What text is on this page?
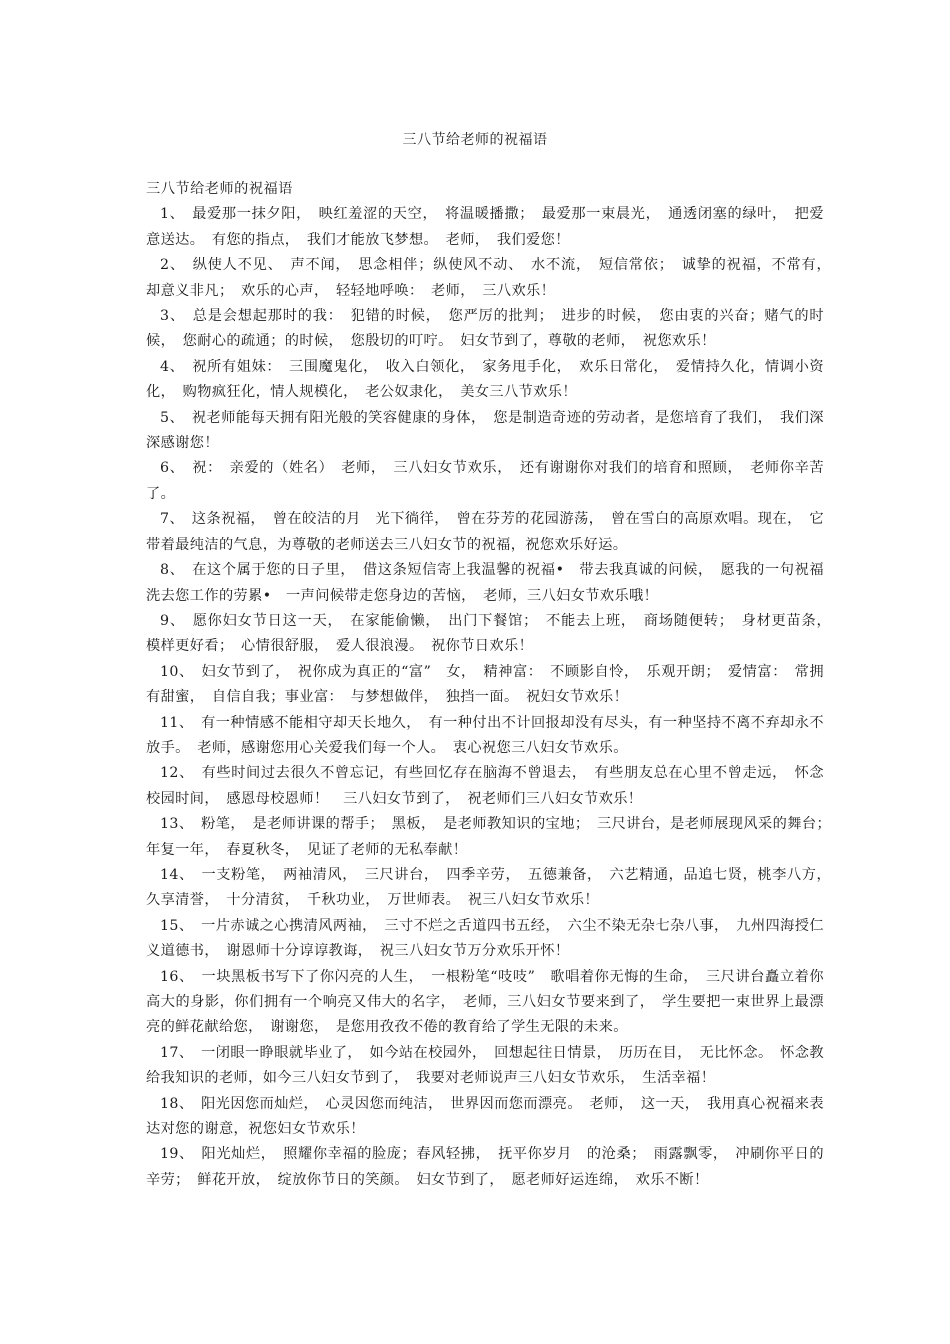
三八节给老师的祝福语

三八节给老师的祝福语

1、　最爱那一抹夕阳，　映红羞涩的天空，　将温暖播撒；　最爱那一束晨光，　通透闭塞的绿叶，　把爱意送达。　有您的指点，　我们才能放飞梦想。　老师，　我们爱您！

2、　纵使人不见、　声不闻，　思念相伴；纵使风不动、　水不流，　短信常依；　诚挚的祝福，不常有，　却意义非凡；　欢乐的心声，　轻轻地呼唤：　老师，　三八欢乐！

3、　总是会想起那时的我：　犯错的时候，　您严厉的批判；　进步的时候，　您由衷的兴奋；赌气的时候，　您耐心的疏通；的时候，　您殷切的叮咛。　妇女节到了，尊敬的老师，　祝您欢乐！

4、　祝所有姐妹：　三围魔鬼化，　收入白领化，　家务甩手化，　欢乐日常化，　爱情持久化，情调小资化，　购物疯狂化，情人规模化，　老公奴隶化，　美女三八节欢乐！

5、　祝老师能每天拥有阳光般的笑容健康的身体，　您是制造奇迹的劳动者，是您培育了我们，　我们深深感谢您！

6、　祝：　亲爱的（姓名）　老师，　三八妇女节欢乐，　还有谢谢你对我们的培育和照顾，　老师你辛苦了。

7、　这条祝福，　曾在皎洁的月　光下徜徉，　曾在芬芳的花园游荡，　曾在雪白的高原欢唱。现在，　它带着最纯洁的气息，为尊敬的老师送去三八妇女节的祝福，祝您欢乐好运。

8、　在这个属于您的日子里，　借这条短信寄上我温馨的祝福•　带去我真诚的问候，　愿我的一句祝福洗去您工作的劳累•　一声问候带走您身边的苦恼，　老师，三八妇女节欢乐哦！

9、　愿你妇女节日这一天，　在家能偷懒，　出门下餐馆；　不能去上班，　商场随便转；　身材更苗条，　模样更好看；　心情很舒服，　爱人很浪漫。　祝你节日欢乐！

10、　妇女节到了，　祝你成为真正的“富”　女，　精神富：　不顾影自怜，　乐观开朗；　爱情富：　常拥有甜蜜，　自信自我；事业富：　与梦想做伴，　独挡一面。　祝妇女节欢乐！

11、　有一种情感不能相守却天长地久，　有一种付出不计回报却没有尽头，有一种坚持不离不弃却永不放手。　老师，感谢您用心关爱我们每一个人。　衷心祝您三八妇女节欢乐。

12、　有些时间过去很久不曾忘记，有些回忆存在脑海不曾退去，　有些朋友总在心里不曾走远，　怀念校园时间，　感恩母校恩师！　三八妇女节到了，　祝老师们三八妇女节欢乐！

13、　粉笔，　是老师讲课的帮手；　黑板，　是老师教知识的宝地；　三尺讲台，是老师展现风采的舞台；　年复一年，　春夏秋冬，　见证了老师的无私奉献！

14、　一支粉笔，　两袖清风，　三尺讲台，　四季辛劳，　五德兼备，　六艺精通，品追七贤，桃李八方，　久享清誉，　十分清贫，　千秋功业，　万世师表。　祝三八妇女节欢乐！

15、　一片赤诚之心携清风两袖，　三寸不烂之舌道四书五经，　六尘不染无杂七杂八事，　九州四海授仁义道德书，　谢恩师十分谆谆教诲，　祝三八妇女节万分欢乐开怀！

16、　一块黑板书写下了你闪亮的人生，　一根粉笔“吱吱”　歌唱着你无悔的生命，　三尺讲台矗立着你高大的身影，你们拥有一个响亮又伟大的名字，　老师，三八妇女节要来到了，　学生要把一束世界上最漂亮的鲜花献给您，　谢谢您，　是您用孜孜不倦的教育给了学生无限的未来。

17、　一闭眼一睁眼就毕业了，　如今站在校园外，　回想起往日情景，　历历在目，　无比怀念。　怀念教给我知识的老师，如今三八妇女节到了，　我要对老师说声三八妇女节欢乐，　生活幸福！

18、　阳光因您而灿烂，　心灵因您而纯洁，　世界因而您而漂亮。　老师，　这一天，　我用真心祝福来表达对您的谢意，祝您妇女节欢乐！

19、　阳光灿烂，　照耀你幸福的脸庞；春风轻拂，　抚平你岁月　的沧桑；　雨露飘零，　冲刷你平日的辛劳；　鲜花开放，　绽放你节日的笑颜。　妇女节到了，　愿老师好运连绵，　欢乐不断！
